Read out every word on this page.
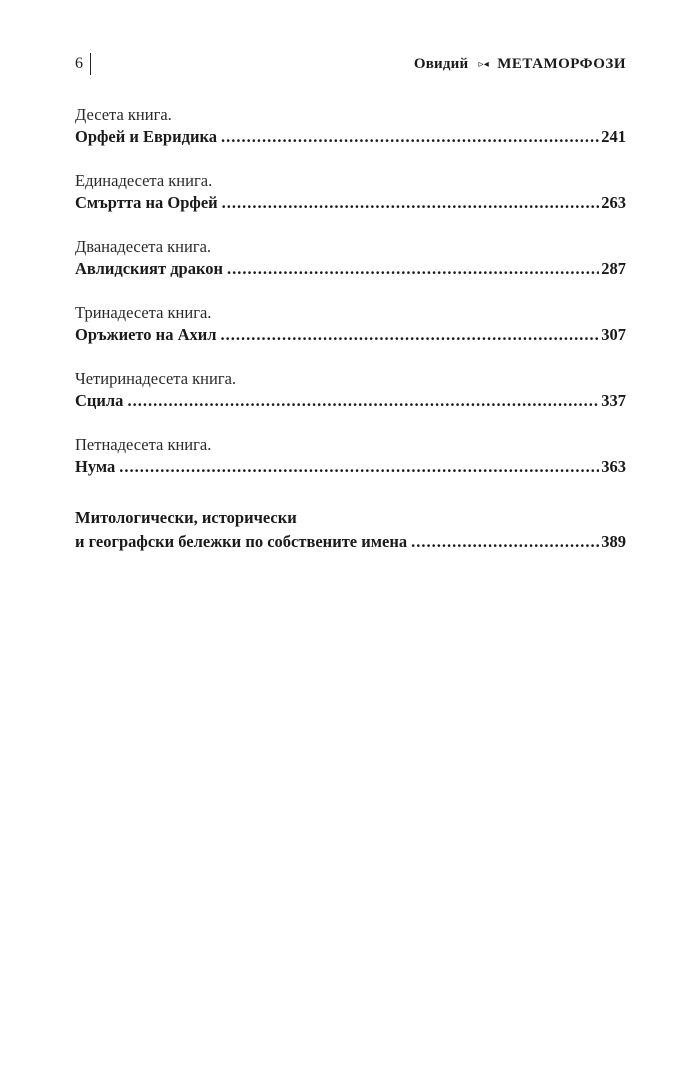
6	Овидий ▹◂ МЕТАМОРФОЗИ
Десета книга.
Орфей и Евридика .....	241
Единадесета книга.
Смъртта на Орфей .....	263
Дванадесета книга.
Авлидският дракон .....	287
Тринадесета книга.
Оръжието на Ахил .....	307
Четиринадесета книга.
Сцила .....	337
Петнадесета книга.
Нума .....	363
Митологически, исторически
и географски бележки по собствените имена .....	389
